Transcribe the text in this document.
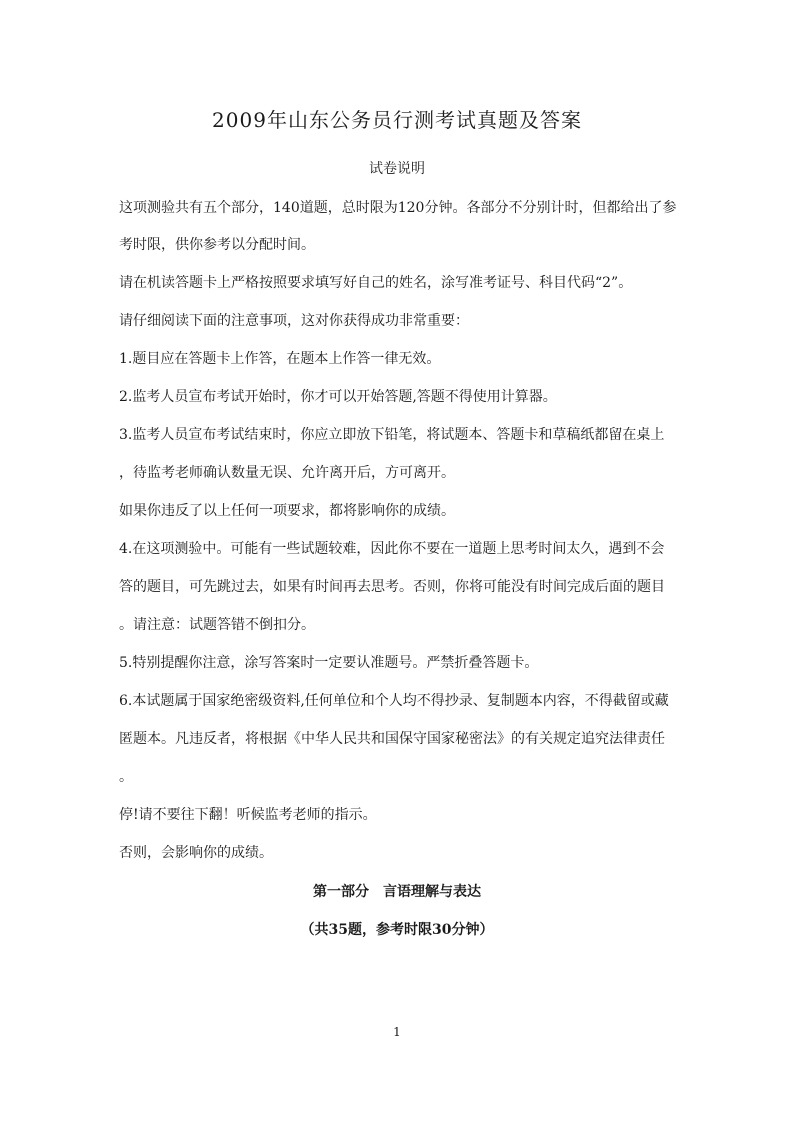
2009年山东公务员行测考试真题及答案
试卷说明
这项测验共有五个部分，140道题，总时限为120分钟。各部分不分别计时，但都给出了参
考时限，供你参考以分配时间。
请在机读答题卡上严格按照要求填写好自己的姓名，涂写准考证号、科目代码“2”。
请仔细阅读下面的注意事项，这对你获得成功非常重要：
1.题目应在答题卡上作答，在题本上作答一律无效。
2.监考人员宣布考试开始时，你才可以开始答题,答题不得使用计算器。
3.监考人员宣布考试结束时，你应立即放下铅笔，将试题本、答题卡和草稿纸都留在桌上
，待监考老师确认数量无误、允许离开后，方可离开。
如果你违反了以上任何一项要求，都将影响你的成绩。
4.在这项测验中。可能有一些试题较难，因此你不要在一道题上思考时间太久，遇到不会
答的题目，可先跳过去，如果有时间再去思考。否则，你将可能没有时间完成后面的题目
。请注意：试题答错不倒扣分。
5.特别提醒你注意，涂写答案时一定要认准题号。严禁折叠答题卡。
6.本试题属于国家绝密级资料,任何单位和个人均不得抄录、复制题本内容，不得截留或藏
匿题本。凡违反者，将根据《中华人民共和国保守国家秘密法》的有关规定追究法律责任
。
停!请不要往下翻！听候监考老师的指示。
否则，会影响你的成绩。
第一部分　言语理解与表达
（共35题，参考时限30分钟）
1
